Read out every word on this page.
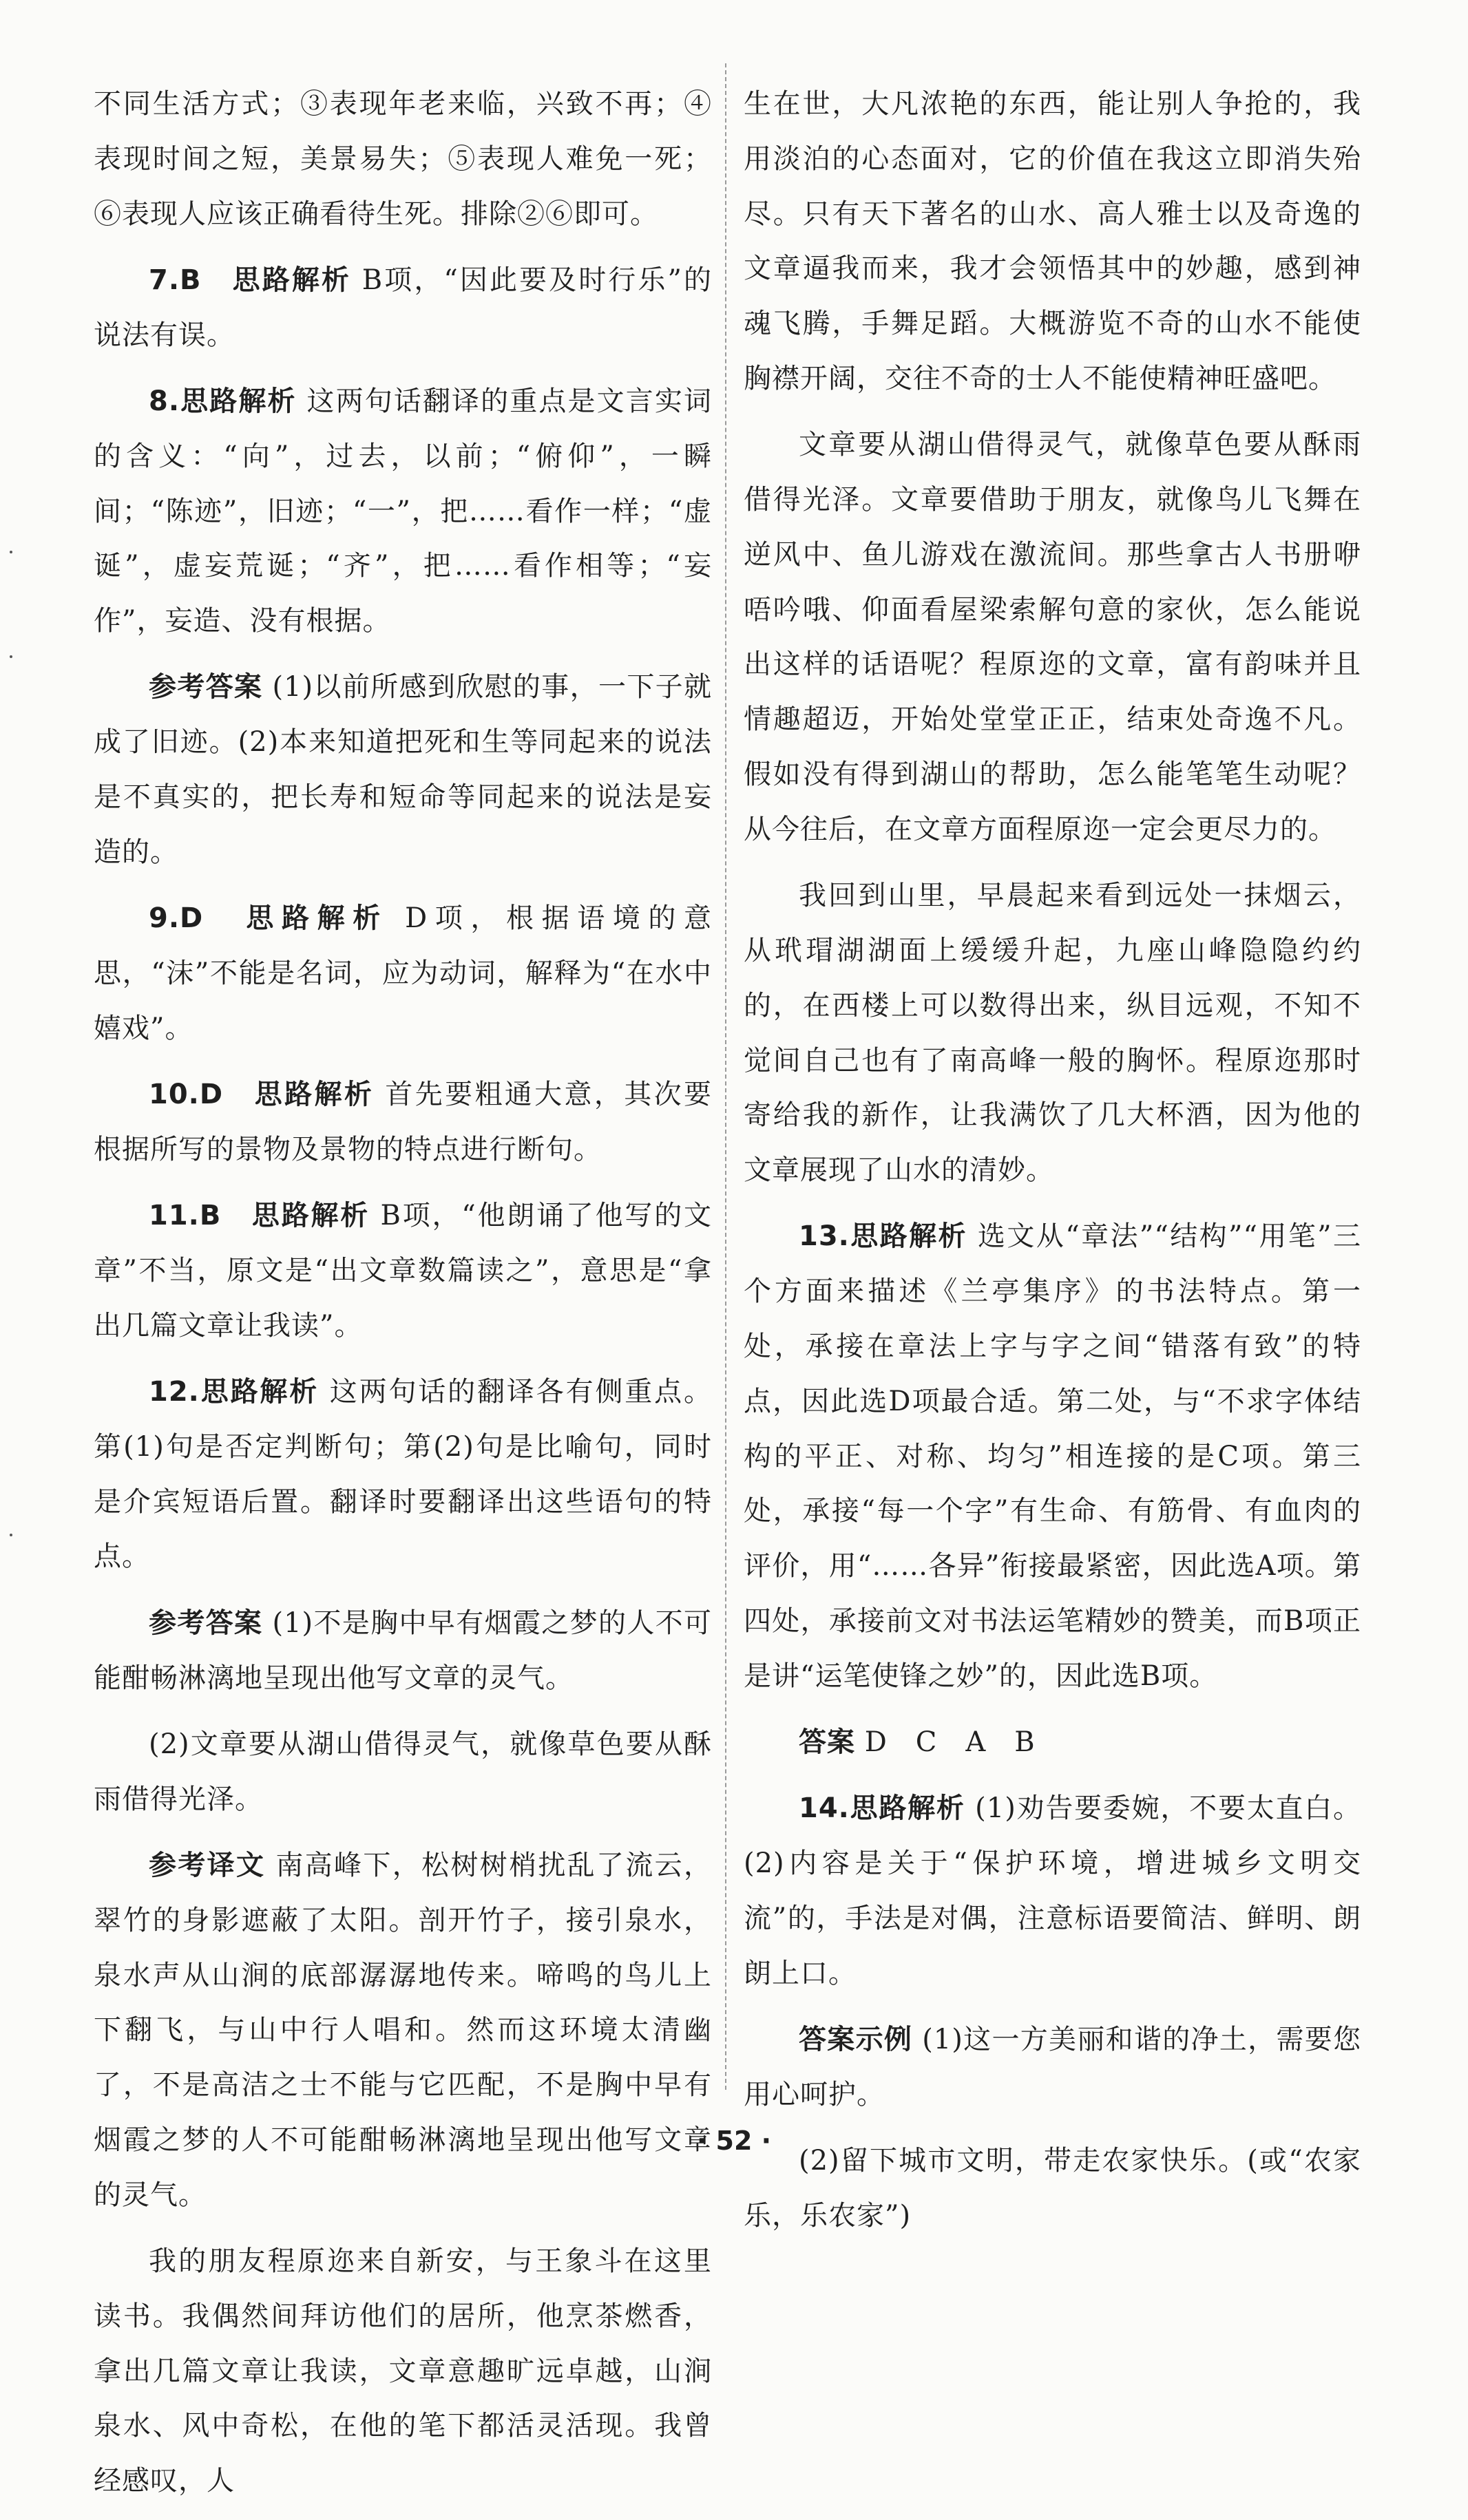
不同生活方式；③表现年老来临，兴致不再；④表现时间之短，美景易失；⑤表现人难免一死；⑥表现人应该正确看待生死。排除②⑥即可。

7.B　思路解析 B项，“因此要及时行乐”的说法有误。

8.思路解析 这两句话翻译的重点是文言实词的含义：“向”，过去，以前；“俯仰”，一瞬间；“陈迹”，旧迹；“一”，把……看作一样；“虚诞”，虚妄荒诞；“齐”，把……看作相等；“妄作”，妄造、没有根据。

参考答案 (1)以前所感到欣慰的事，一下子就成了旧迹。(2)本来知道把死和生等同起来的说法是不真实的，把长寿和短命等同起来的说法是妄造的。

9.D　思路解析 D项，根据语境的意思，“沫”不能是名词，应为动词，解释为“在水中嬉戏”。

10.D　思路解析 首先要粗通大意，其次要根据所写的景物及景物的特点进行断句。

11.B　思路解析 B项，“他朗诵了他写的文章”不当，原文是“出文章数篇读之”，意思是“拿出几篇文章让我读”。

12.思路解析 这两句话的翻译各有侧重点。第(1)句是否定判断句；第(2)句是比喻句，同时是介宾短语后置。翻译时要翻译出这些语句的特点。

参考答案 (1)不是胸中早有烟霞之梦的人不可能酣畅淋漓地呈现出他写文章的灵气。

(2)文章要从湖山借得灵气，就像草色要从酥雨借得光泽。

参考译文 南高峰下，松树树梢扰乱了流云，翠竹的身影遮蔽了太阳。剖开竹子，接引泉水，泉水声从山涧的底部潺潺地传来。啼鸣的鸟儿上下翻飞，与山中行人唱和。然而这环境太清幽了，不是高洁之士不能与它匹配，不是胸中早有烟霞之梦的人不可能酣畅淋漓地呈现出他写文章的灵气。

我的朋友程原迩来自新安，与王象斗在这里读书。我偶然间拜访他们的居所，他烹茶燃香，拿出几篇文章让我读，文章意趣旷远卓越，山涧泉水、风中奇松，在他的笔下都活灵活现。我曾经感叹，人

生在世，大凡浓艳的东西，能让别人争抢的，我用淡泊的心态面对，它的价值在我这立即消失殆尽。只有天下著名的山水、高人雅士以及奇逸的文章逼我而来，我才会领悟其中的妙趣，感到神魂飞腾，手舞足蹈。大概游览不奇的山水不能使胸襟开阔，交往不奇的士人不能使精神旺盛吧。

文章要从湖山借得灵气，就像草色要从酥雨借得光泽。文章要借助于朋友，就像鸟儿飞舞在逆风中、鱼儿游戏在激流间。那些拿古人书册咿唔吟哦、仰面看屋梁索解句意的家伙，怎么能说出这样的话语呢？程原迩的文章，富有韵味并且情趣超迈，开始处堂堂正正，结束处奇逸不凡。假如没有得到湖山的帮助，怎么能笔笔生动呢？从今往后，在文章方面程原迩一定会更尽力的。

我回到山里，早晨起来看到远处一抹烟云，从玳瑁湖湖面上缓缓升起，九座山峰隐隐约约的，在西楼上可以数得出来，纵目远观，不知不觉间自己也有了南高峰一般的胸怀。程原迩那时寄给我的新作，让我满饮了几大杯酒，因为他的文章展现了山水的清妙。

13.思路解析 选文从“章法”“结构”“用笔”三个方面来描述《兰亭集序》的书法特点。第一处，承接在章法上字与字之间“错落有致”的特点，因此选D项最合适。第二处，与“不求字体结构的平正、对称、均匀”相连接的是C项。第三处，承接“每一个字”有生命、有筋骨、有血肉的评价，用“……各异”衔接最紧密，因此选A项。第四处，承接前文对书法运笔精妙的赞美，而B项正是讲“运笔使锋之妙”的，因此选B项。

答案 D　C　A　B

14.思路解析 (1)劝告要委婉，不要太直白。(2)内容是关于“保护环境，增进城乡文明交流”的，手法是对偶，注意标语要简洁、鲜明、朗朗上口。

答案示例 (1)这一方美丽和谐的净土，需要您用心呵护。

(2)留下城市文明，带走农家快乐。(或“农家乐，乐农家”)

· 52 ·
